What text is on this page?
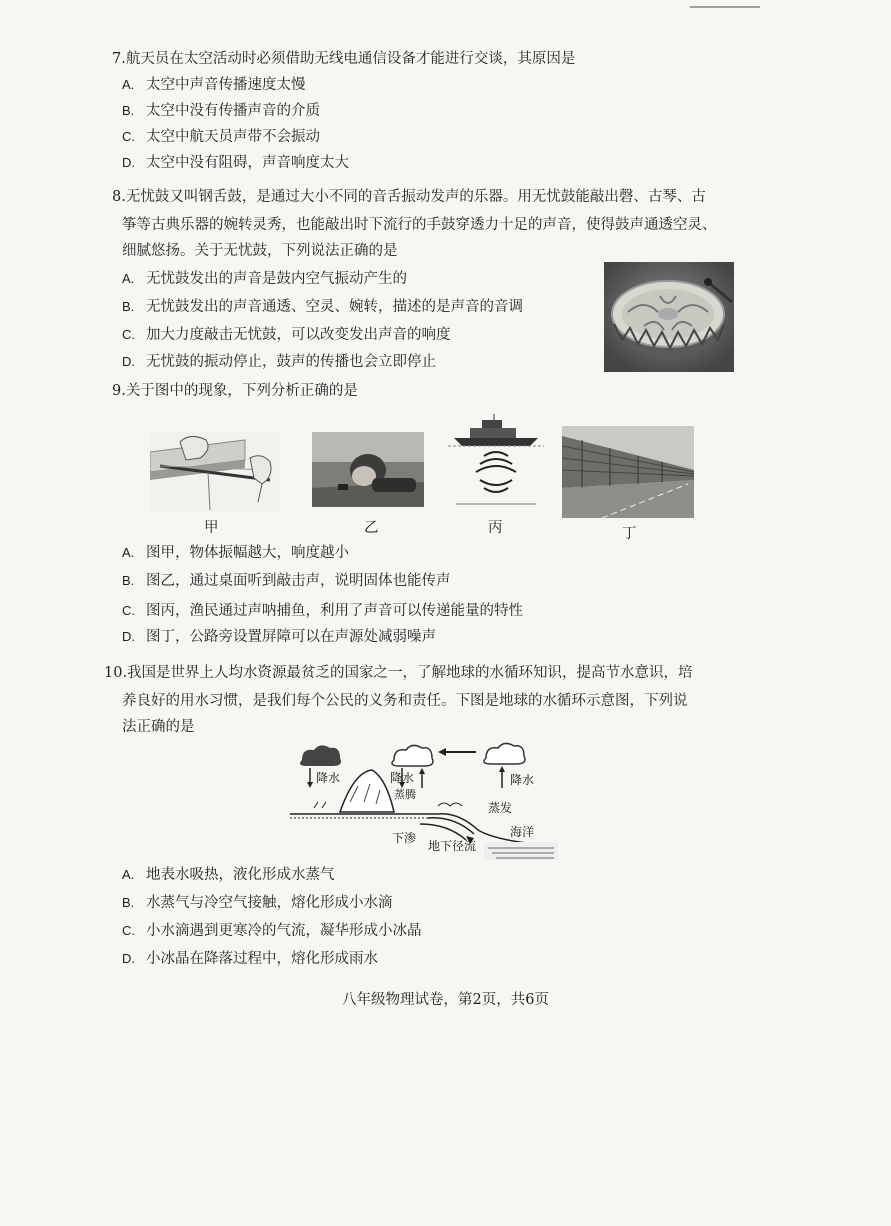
7.航天员在太空活动时必须借助无线电通信设备才能进行交谈，其原因是
A. 太空中声音传播速度太慢
B. 太空中没有传播声音的介质
C. 太空中航天员声带不会振动
D. 太空中没有阻碍，声音响度太大
8.无忧鼓又叫钢舌鼓，是通过大小不同的音舌振动发声的乐器。用无忧鼓能敲出磬、古琴、古
筝等古典乐器的婉转灵秀，也能敲出时下流行的手鼓穿透力十足的声音，使得鼓声通透空灵、
细腻悠扬。关于无忧鼓，下列说法正确的是
A. 无忧鼓发出的声音是鼓内空气振动产生的
B. 无忧鼓发出的声音通透、空灵、婉转，描述的是声音的音调
C. 加大力度敲击无忧鼓，可以改变发出声音的响度
D. 无忧鼓的振动停止，鼓声的传播也会立即停止
9.关于图中的现象，下列分析正确的是
甲	乙	丙	丁
A. 图甲，物体振幅越大，响度越小
B. 图乙，通过桌面听到敲击声，说明固体也能传声
C. 图丙，渔民通过声呐捕鱼，利用了声音可以传递能量的特性
D. 图丁，公路旁设置屏障可以在声源处减弱噪声
10.我国是世界上人均水资源最贫乏的国家之一，了解地球的水循环知识，提高节水意识，培
养良好的用水习惯，是我们每个公民的义务和责任。下图是地球的水循环示意图，下列说
法正确的是
降水	降水
蒸腾
降水
蒸发
下渗
地下径流
海洋
A. 地表水吸热，液化形成水蒸气
B. 水蒸气与冷空气接触，熔化形成小水滴
C. 小水滴遇到更寒冷的气流，凝华形成小冰晶
D. 小冰晶在降落过程中，熔化形成雨水
八年级物理试卷，第2页，共6页
